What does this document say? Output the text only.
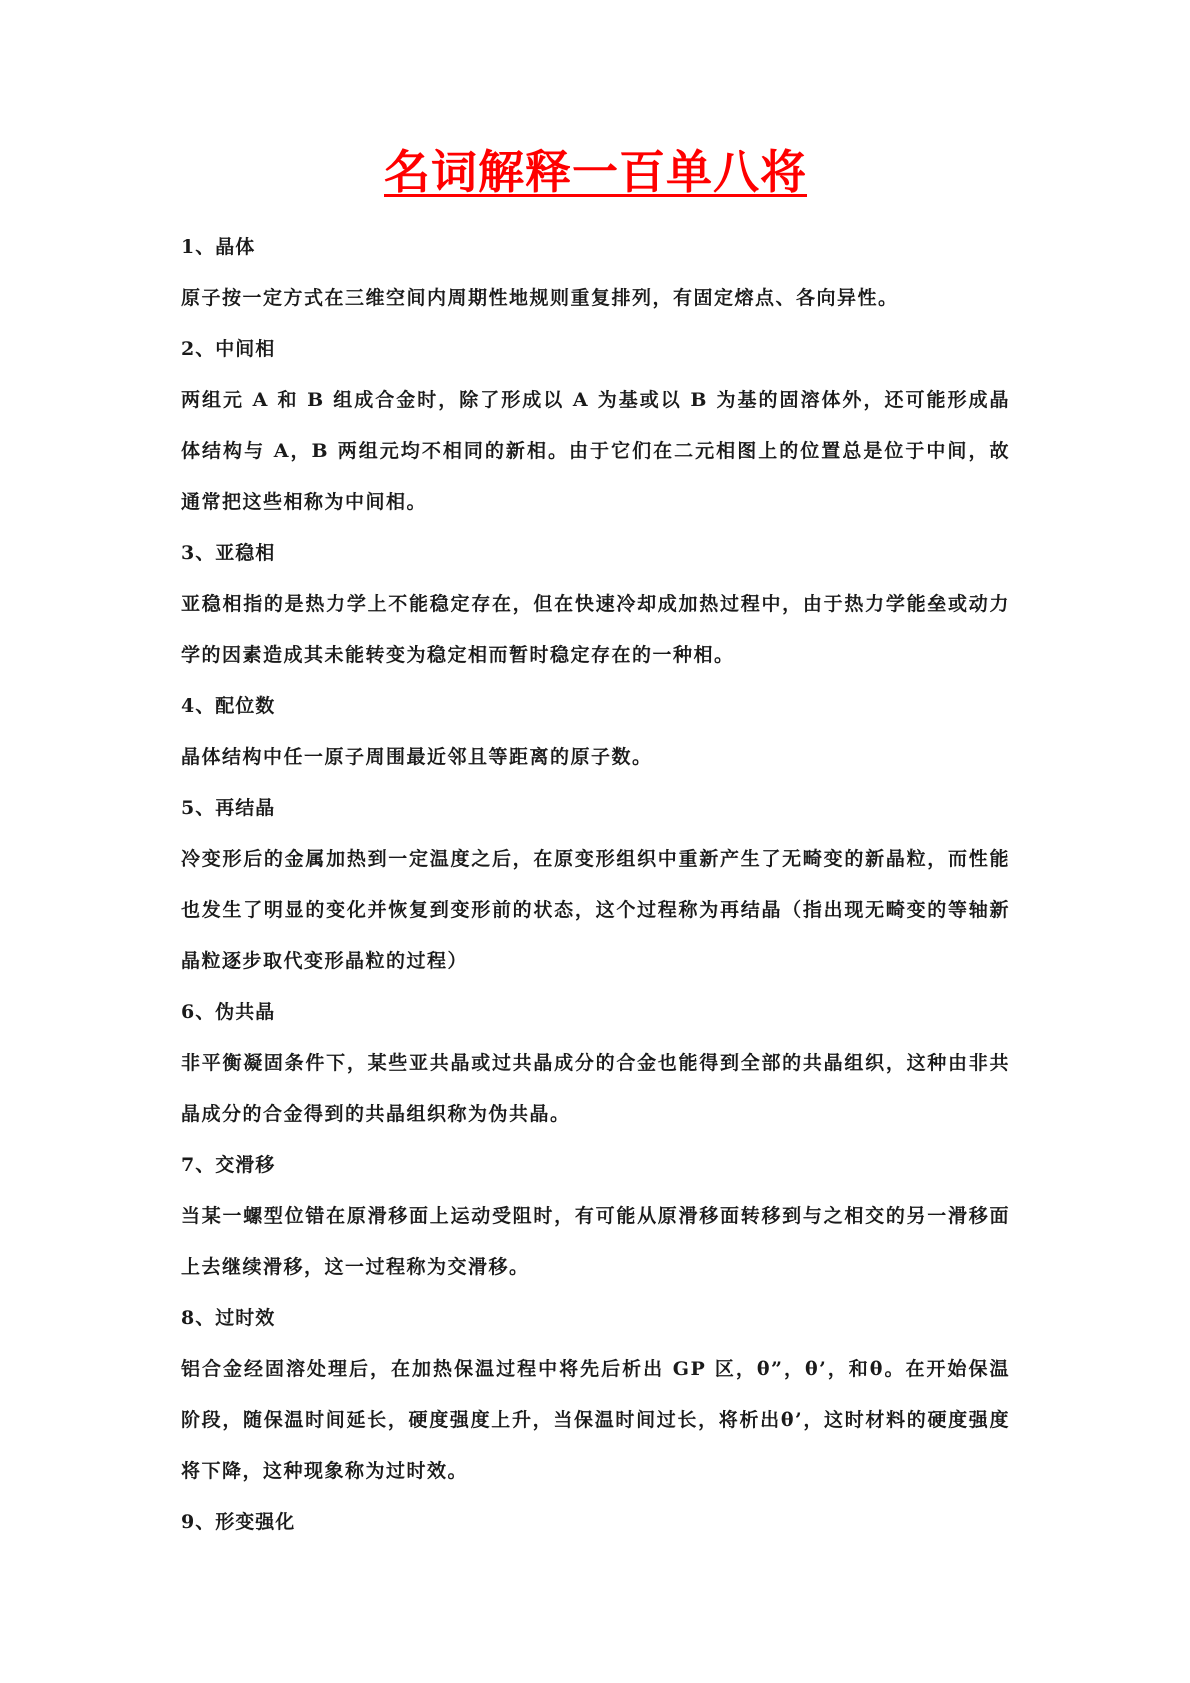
名词解释一百单八将

1、晶体

原子按一定方式在三维空间内周期性地规则重复排列，有固定熔点、各向异性。

2、中间相

两组元 A 和 B 组成合金时，除了形成以 A 为基或以 B 为基的固溶体外，还可能形成晶体结构与 A，B 两组元均不相同的新相。由于它们在二元相图上的位置总是位于中间，故通常把这些相称为中间相。

3、亚稳相

亚稳相指的是热力学上不能稳定存在，但在快速冷却成加热过程中，由于热力学能垒或动力学的因素造成其未能转变为稳定相而暂时稳定存在的一种相。

4、配位数

晶体结构中任一原子周围最近邻且等距离的原子数。

5、再结晶

冷变形后的金属加热到一定温度之后，在原变形组织中重新产生了无畸变的新晶粒，而性能也发生了明显的变化并恢复到变形前的状态，这个过程称为再结晶（指出现无畸变的等轴新晶粒逐步取代变形晶粒的过程）

6、伪共晶

非平衡凝固条件下，某些亚共晶或过共晶成分的合金也能得到全部的共晶组织，这种由非共晶成分的合金得到的共晶组织称为伪共晶。

7、交滑移

当某一螺型位错在原滑移面上运动受阻时，有可能从原滑移面转移到与之相交的另一滑移面上去继续滑移，这一过程称为交滑移。

8、过时效

铝合金经固溶处理后，在加热保温过程中将先后析出 GP 区，θ”，θ’，和θ。在开始保温阶段，随保温时间延长，硬度强度上升，当保温时间过长，将析出θ’，这时材料的硬度强度将下降，这种现象称为过时效。

9、形变强化
